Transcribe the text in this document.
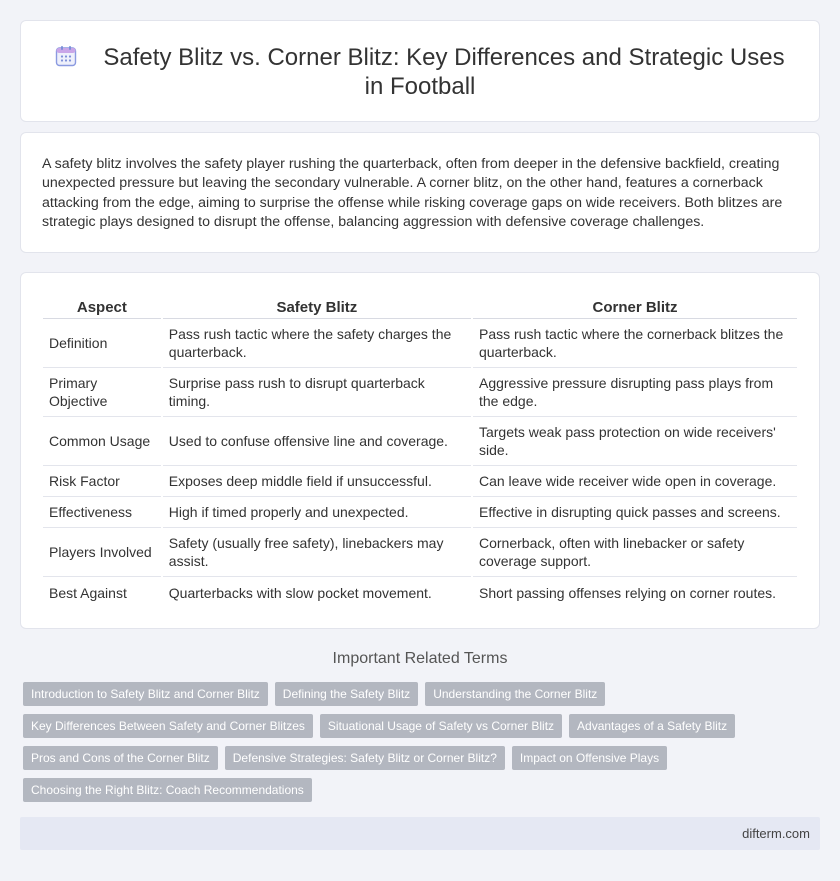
Safety Blitz vs. Corner Blitz: Key Differences and Strategic Uses in Football

A safety blitz involves the safety player rushing the quarterback, often from deeper in the defensive backfield, creating unexpected pressure but leaving the secondary vulnerable. A corner blitz, on the other hand, features a cornerback attacking from the edge, aiming to surprise the offense while risking coverage gaps on wide receivers. Both blitzes are strategic plays designed to disrupt the offense, balancing aggression with defensive coverage challenges.

Aspect	Safety Blitz	Corner Blitz
Definition	Pass rush tactic where the safety charges the quarterback.	Pass rush tactic where the cornerback blitzes the quarterback.
Primary Objective	Surprise pass rush to disrupt quarterback timing.	Aggressive pressure disrupting pass plays from the edge.
Common Usage	Used to confuse offensive line and coverage.	Targets weak pass protection on wide receivers' side.
Risk Factor	Exposes deep middle field if unsuccessful.	Can leave wide receiver wide open in coverage.
Effectiveness	High if timed properly and unexpected.	Effective in disrupting quick passes and screens.
Players Involved	Safety (usually free safety), linebackers may assist.	Cornerback, often with linebacker or safety coverage support.
Best Against	Quarterbacks with slow pocket movement.	Short passing offenses relying on corner routes.
Important Related Terms
Introduction to Safety Blitz and Corner Blitz	Defining the Safety Blitz	Understanding the Corner Blitz
Key Differences Between Safety and Corner Blitzes	Situational Usage of Safety vs Corner Blitz	Advantages of a Safety Blitz
Pros and Cons of the Corner Blitz	Defensive Strategies: Safety Blitz or Corner Blitz?	Impact on Offensive Plays
Choosing the Right Blitz: Coach Recommendations
difterm.com
